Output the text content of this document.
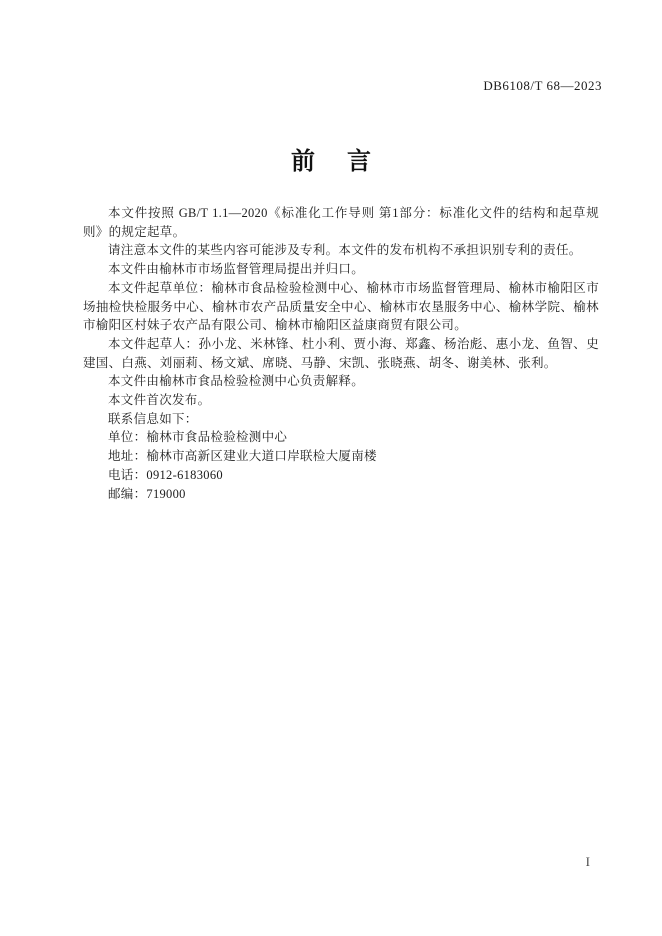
DB6108/T 68—2023
前 言

本文件按照 GB/T 1.1—2020《标准化工作导则 第1部分：标准化文件的结构和起草规则》的规定起草。

请注意本文件的某些内容可能涉及专利。本文件的发布机构不承担识别专利的责任。

本文件由榆林市市场监督管理局提出并归口。

本文件起草单位：榆林市食品检验检测中心、榆林市市场监督管理局、榆林市榆阳区市场抽检快检服务中心、榆林市农产品质量安全中心、榆林市农垦服务中心、榆林学院、榆林市榆阳区村妹子农产品有限公司、榆林市榆阳区益康商贸有限公司。

本文件起草人：孙小龙、米林锋、杜小利、贾小海、郑鑫、杨治彪、惠小龙、鱼智、史建国、白燕、刘丽莉、杨文斌、席晓、马静、宋凯、张晓燕、胡冬、谢美林、张利。

本文件由榆林市食品检验检测中心负责解释。

本文件首次发布。

联系信息如下：

单位：榆林市食品检验检测中心

地址：榆林市高新区建业大道口岸联检大厦南楼

电话：0912-6183060

邮编：719000

I
